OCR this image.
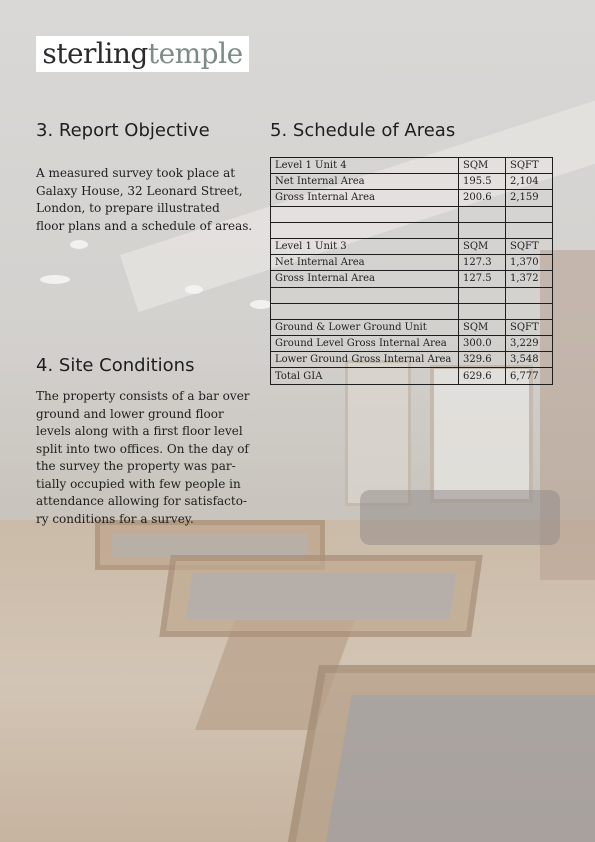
sterlingtemple
3. Report Objective
A measured survey took place at
Galaxy House, 32 Leonard Street,
London, to prepare illustrated
floor plans and a schedule of areas.
4. Site Conditions
The property consists of a bar over
ground and lower ground floor
levels along with a first floor level
split into two offices. On the day of
the survey the property was par-
tially occupied with few people in
attendance allowing for satisfacto-
ry conditions for a survey.
5. Schedule of Areas
Level 1 Unit 4	SQM	SQFT
Net Internal Area	195.5	2,104
Gross Internal Area	200.6	2,159

Level 1 Unit 3	SQM	SQFT
Net Internal Area	127.3	1,370
Gross Internal Area	127.5	1,372

Ground & Lower Ground Unit	SQM	SQFT
Ground Level Gross Internal Area	300.0	3,229
Lower Ground Gross Internal Area	329.6	3,548
Total GIA	629.6	6,777
